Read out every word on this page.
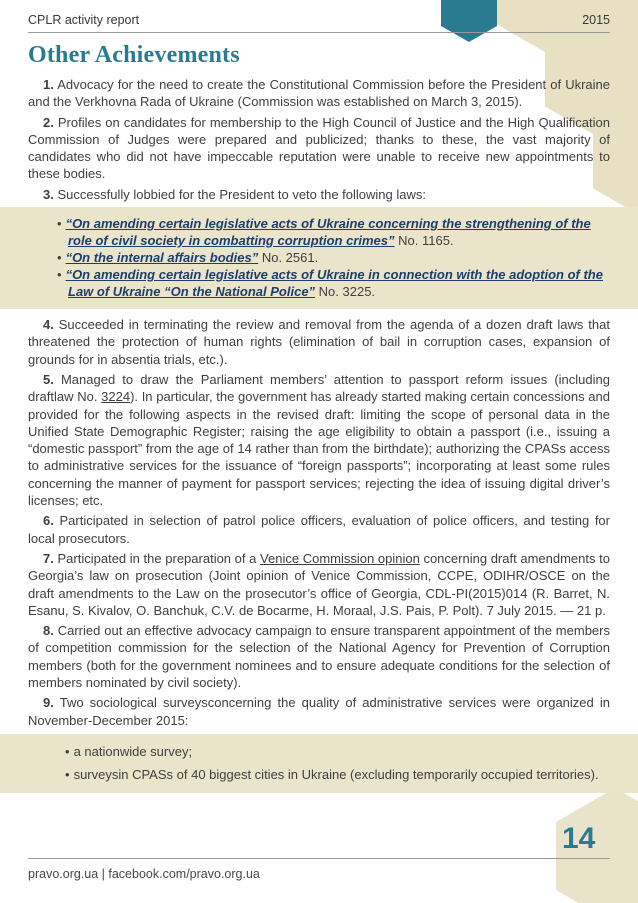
CPLR activity report	2015
Other Achievements

1. Advocacy for the need to create the Constitutional Commission before the President of Ukraine and the Verkhovna Rada of Ukraine (Commission was established on March 3, 2015).

2. Profiles on candidates for membership to the High Council of Justice and the High Qualification Commission of Judges were prepared and publicized; thanks to these, the vast majority of candidates who did not have impeccable reputation were unable to receive new appointments to these bodies.

3. Successfully lobbied for the President to veto the following laws:

• “On amending certain legislative acts of Ukraine concerning the strengthening of the role of civil society in combatting corruption crimes” No. 1165.
• “On the internal affairs bodies” No. 2561.
• “On amending certain legislative acts of Ukraine in connection with the adoption of the Law of Ukraine “On the National Police” No. 3225.

4. Succeeded in terminating the review and removal from the agenda of a dozen draft laws that threatened the protection of human rights (elimination of bail in corruption cases, expansion of grounds for in absentia trials, etc.).

5. Managed to draw the Parliament members’ attention to passport reform issues (including draftlaw No. 3224). In particular, the government has already started making certain concessions and provided for the following aspects in the revised draft: limiting the scope of personal data in the Unified State Demographic Register; raising the age eligibility to obtain a passport (i.e., issuing a “domestic passport” from the age of 14 rather than from the birthdate); authorizing the CPASs access to administrative services for the issuance of “foreign passports”; incorporating at least some rules concerning the manner of payment for passport services; rejecting the idea of issuing digital driver’s licenses; etc.

6. Participated in selection of patrol police officers, evaluation of police officers, and testing for local prosecutors.

7. Participated in the preparation of a Venice Commission opinion concerning draft amendments to Georgia’s law on prosecution (Joint opinion of Venice Commission, CCPE, ODIHR/OSCE on the draft amendments to the Law on the prosecutor’s office of Georgia, CDL-PI(2015)014 (R. Barret, N. Esanu, S. Kivalov, O. Banchuk, C.V. de Bocarme, H. Moraal, J.S. Pais, P. Polt). 7 July 2015. — 21 p.

8. Carried out an effective advocacy campaign to ensure transparent appointment of the members of competition commission for the selection of the National Agency for Prevention of Corruption members (both for the government nominees and to ensure adequate conditions for the selection of members nominated by civil society).

9. Two sociological surveysconcerning the quality of administrative services were organized in November-December 2015:

• a nationwide survey;
• surveysin CPASs of 40 biggest cities in Ukraine (excluding temporarily occupied territories).
14
pravo.org.ua | facebook.com/pravo.org.ua
